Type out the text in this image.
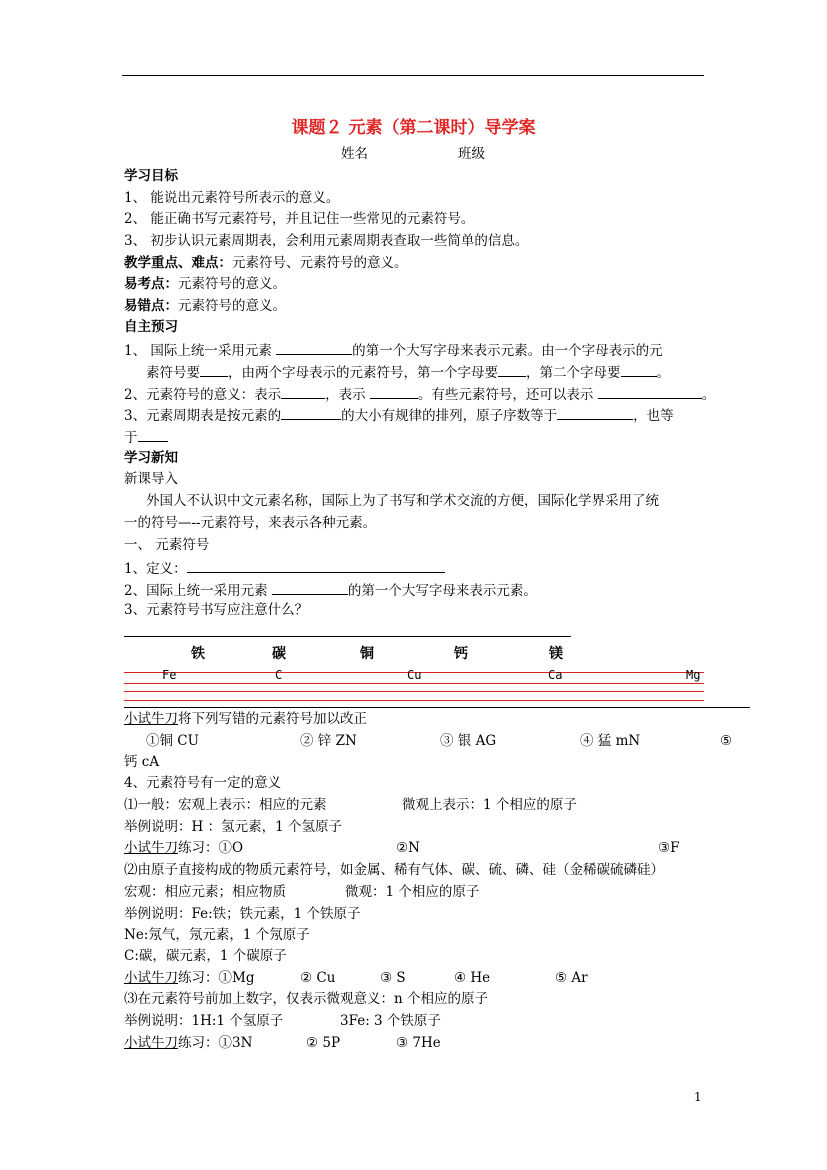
课题２ 元素（第二课时）导学案
姓名	班级
学习目标
1、 能说出元素符号所表示的意义。
2、 能正确书写元素符号，并且记住一些常见的元素符号。
3、 初步认识元素周期表，会利用元素周期表查取一些简单的信息。
教学重点、难点：元素符号、元素符号的意义。
易考点：元素符号的意义。
易错点：元素符号的意义。
自主预习
1、 国际上统一采用元素	的第一个大写字母来表示元素。由一个字母表示的元
素符号要 ，由两个字母表示的元素符号，第一个字母要 ，第二个字母要	。
2、元素符号的意义：表示	，表示	。有些元素符号，还可以表示	。
3、元素周期表是按元素的	的大小有规律的排列，原子序数等于	，也等
于
学习新知
新课导入
外国人不认识中文元素名称，国际上为了书写和学术交流的方便，国际化学界采用了统
一的符号—--元素符号，来表示各种元素。
一、 元素符号
1、定义：
2、国际上统一采用元素	的第一个大写字母来表示元素。
3、元素符号书写应注意什么？
铁	碳	铜	钙	镁
Fe	C	Cu	Ca	Mg
小试牛刀将下列写错的元素符号加以改正
①铜 CU	② 锌 ZN	③ 银 AG	④ 猛 mN	⑤
钙 cA
4、元素符号有一定的意义
⑴一般：宏观上表示：相应的元素	微观上表示：1 个相应的原子
举例说明：H ：氢元素，1 个氢原子
小试牛刀练习：①O	②N	③F
⑵由原子直接构成的物质元素符号，如金属、稀有气体、碳、硫、磷、硅（金稀碳硫磷硅）
宏观：相应元素；相应物质	微观：1 个相应的原子
举例说明：Fe:铁；铁元素，1 个铁原子
Ne:氖气，氖元素，1 个氖原子
C:碳，碳元素，1 个碳原子
小试牛刀练习：①Mg	② Cu	③ S	④ He	⑤ Ar
⑶在元素符号前加上数字，仅表示微观意义：n 个相应的原子
举例说明：1H:1 个氢原子	3Fe: 3 个铁原子
小试牛刀练习：①3N	② 5P	③ 7He
1
